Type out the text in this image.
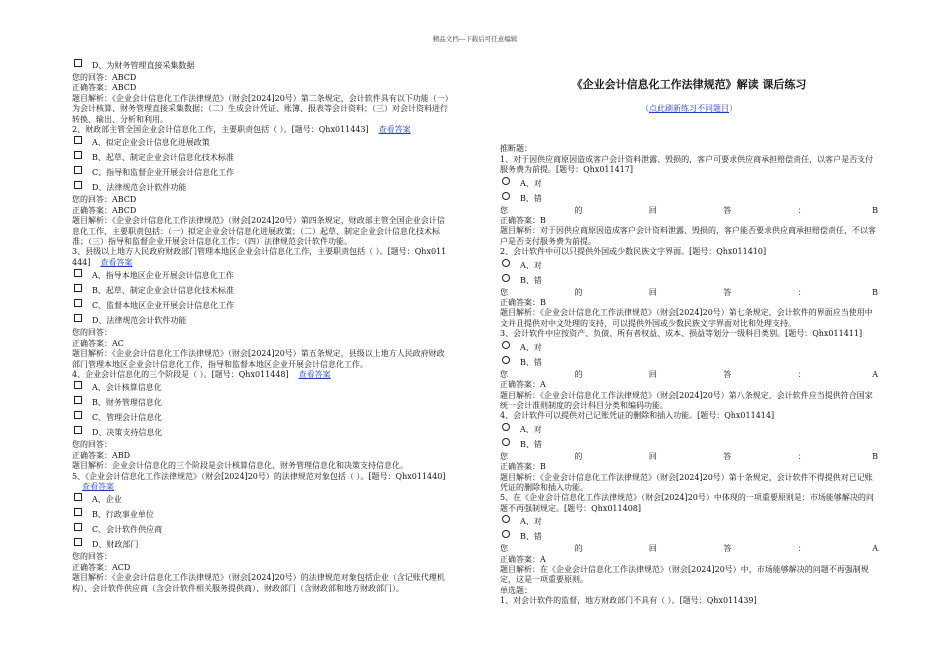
精品文档---下载后可任意编辑
D、为财务管理直接采集数据
您的回答：ABCD
正确答案：ABCD
题目解析：《企业会计信息化工作法律规范》（财会[2024]20号）第二条规定，会计软件具有以下功能（一）为会计核算、财务管理直接采集数据；（二）生成会计凭证、账簿、报表等会计资料；（三）对会计资料进行转换、输出、分析和利用。
2、财政部主管全国企业会计信息化工作，主要职责包括（ ）。[题号：Qhx011443] 查看答案
A、拟定企业会计信息化进展政策
B、起草、制定企业会计信息化技术标准
C、指导和监督企业开展会计信息化工作
D、法律规范会计软件功能
您的回答：ABCD
正确答案：ABCD
题目解析：《企业会计信息化工作法律规范》（财会[2024]20号）第四条规定，财政部主管全国企业会计信息化工作，主要职责包括：（一）拟定企业会计信息化进展政策；（二）起草、制定企业会计信息化技术标准；（三）指导和监督企业开展会计信息化工作；（四）法律规范会计软件功能。
3、县级以上地方人民政府财政部门管理本地区企业会计信息化工作，主要职责包括（ ）。[题号：Qhx011444] 查看答案
A、指导本地区企业开展会计信息化工作
B、起草、制定企业会计信息化技术标准
C、监督本地区企业开展会计信息化工作
D、法律规范会计软件功能
您的回答：
正确答案：AC
题目解析：《企业会计信息化工作法律规范》（财会[2024]20号）第五条规定，县级以上地方人民政府财政部门管理本地区企业会计信息化工作，指导和监督本地区企业开展会计信息化工作。
4、企业会计信息化的三个阶段是（ ）。[题号：Qhx011448] 查看答案
A、会计核算信息化
B、财务管理信息化
C、管理会计信息化
D、决策支持信息化
您的回答：
正确答案：ABD
题目解析：企业会计信息化的三个阶段是会计核算信息化、财务管理信息化和决策支持信息化。
5、《企业会计信息化工作法律规范》（财会[2024]20号）的法律规范对象包括（ ）。[题号：Qhx011440]查看答案
A、企业
B、行政事业单位
C、会计软件供应商
D、财政部门
您的回答：
正确答案：ACD
题目解析：《企业会计信息化工作法律规范》（财会[2024]20号）的法律规范对象包括企业（含记账代理机构）、会计软件供应商（含会计软件相关服务提供商）、财政部门（含财政部和地方财政部门）。
《企业会计信息化工作法律规范》解读 课后练习
（点此刷新练习不同题目）
推断题：
1、对于因供应商原因造成客户会计资料泄露、毁损的，客户可要求供应商承担赔偿责任，以客户是否支付服务费为前提。[题号：Qhx011417]
A、对
B、错
您	的	回	答	：	B
正确答案：B
题目解析：对于因供应商原因造成客户会计资料泄露、毁损的，客户能否要求供应商承担赔偿责任，不以客户是否支付服务费为前提。
2、会计软件中可以只提供外国或少数民族文字界面。[题号：Qhx011410]
A、对
B、错
您	的	回	答	：	B
正确答案：B
题目解析：《企业会计信息化工作法律规范》（财会[2024]20号）第七条规定，会计软件的界面应当使用中文并且提供对中文处理的支持，可以提供外国或少数民族文字界面对比和处理支持。
3、会计软件中应按资产、负债、所有者权益、成本、损益等划分一级科目类别。[题号：Qhx011411]
A、对
B、错
您	的	回	答	：	A
正确答案：A
题目解析：《企业会计信息化工作法律规范》（财会[2024]20号）第八条规定，会计软件应当提供符合国家统一会计准则制度的会计科目分类和编码功能。
4、会计软件可以提供对已记账凭证的删除和插入功能。[题号：Qhx011414]
A、对
B、错
您	的	回	答	：	B
正确答案：B
题目解析：《企业会计信息化工作法律规范》（财会[2024]20号）第十条规定，会计软件不得提供对已记账凭证的删除和插入功能。
5、在《企业会计信息化工作法律规范》（财会[2024]20号）中体现的一项重要原则是：市场能够解决的问题不再强制规定。[题号：Qhx011408]
A、对
B、错
您	的	回	答	：	A
正确答案：A
题目解析：在《企业会计信息化工作法律规范》（财会[2024]20号）中，市场能够解决的问题不再强制规定，这是一项重要原则。
单选题：
1、对会计软件的监督，地方财政部门不具有（ ）。[题号：Qhx011439]
